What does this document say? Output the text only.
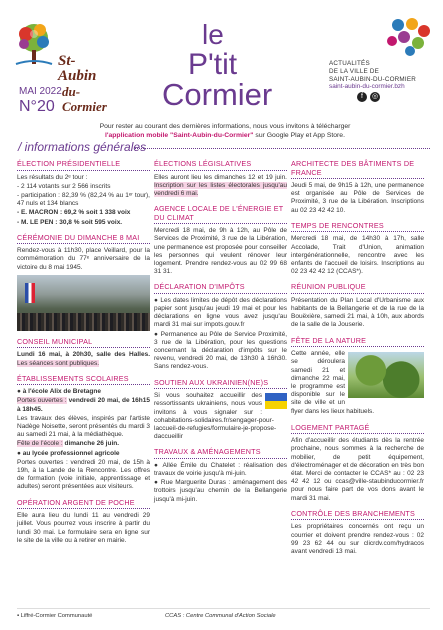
St-Aubin
du-Cormier
MAI 2022
N°20
le
P'tit
Cormier
ACTUALITÉS
DE LA VILLE DE
SAINT-AUBIN-DU-CORMIER
saint-aubin-du-cormier.bzh
f	◎
Pour rester au courant des dernières informations, nous vous invitons à télécharger
l'application mobile "Saint-Aubin-du-Cormier" sur Google Play et App Store.
/ informations générales
ÉLECTION PRÉSIDENTIELLE

Les résultats du 2ᵉ tour :

- 2 114 votants sur 2 566 inscrits

- participation : 82,39 % (82,24 % au 1ᵉʳ tour), 47 nuls et 134 blancs

- E. MACRON : 69,2 % soit 1 338 voix

- M. LE PEN : 30,8 % soit 595 voix.

CÉRÉMONIE DU DIMANCHE 8 MAI

Rendez-vous à 11h30, place Veillard, pour la commémoration du 77ᵉ anniversaire de la victoire du 8 mai 1945.

CONSEIL MUNICIPAL

Lundi 16 mai, à 20h30, salle des Halles. Les séances sont publiques.

ÉTABLISSEMENTS SCOLAIRES

● à l'école Alix de Bretagne

Portes ouvertes : vendredi 20 mai, de 16h15 à 18h45.

Les travaux des élèves, inspirés par l'artiste Nadège Noisette, seront présentés du mardi 3 au samedi 21 mai, à la médiathèque.

Fête de l'école : dimanche 26 juin.

● au lycée professionnel agricole

Portes ouvertes : vendredi 20 mai, de 15h à 19h, à la Lande de la Rencontre. Les offres de formation (voie initiale, apprentissage et adultes) seront présentées aux visiteurs.

OPÉRATION ARGENT DE POCHE

Elle aura lieu du lundi 11 au vendredi 29 juillet. Vous pourrez vous inscrire à partir du lundi 30 mai. Le formulaire sera en ligne sur le site de la ville ou à retirer en mairie.

ÉLECTIONS LÉGISLATIVES

Elles auront lieu les dimanches 12 et 19 juin. Inscription sur les listes électorales jusqu'au vendredi 6 mai.

AGENCE LOCALE DE L'ÉNERGIE ET DU CLIMAT

Mercredi 18 mai, de 9h à 12h, au Pôle de Services de Proximité, 3 rue de la Libération, une permanence est proposée pour conseiller les personnes qui veulent rénover leur logement. Prendre rendez-vous au 02 99 68 31 31.

DÉCLARATION D'IMPÔTS

● Les dates limites de dépôt des déclarations papier sont jusqu'au jeudi 19 mai et pour les déclarations en ligne vous avez jusqu'au mardi 31 mai sur impots.gouv.fr

● Permanence au Pôle de Service Proximité, 3 rue de la Libération, pour les questions concernant la déclaration d'impôts sur le revenu, vendredi 20 mai, de 13h30 à 16h30. Sans rendez-vous.

SOUTIEN AUX UKRAINIEN(NE)S

Si vous souhaitez accueillir des ressortissants ukrainiens, nous vous invitons à vous signaler sur : cohabitations-solidaires.fr/sengager-pour-laccueil-de-refugies/formulaire-je-propose-daccueillir

TRAVAUX & AMÉNAGEMENTS

● Allée Émile du Chatelet : réalisation des travaux de voirie jusqu'à mi-juin.

● Rue Marguerite Duras : aménagement des trottoirs jusqu'au chemin de la Bellangerie jusqu'à mi-juin.

ARCHITECTE DES BÂTIMENTS DE FRANCE

Jeudi 5 mai, de 9h15 à 12h, une permanence est organisée au Pôle de Services de Proximité, 3 rue de la Libération. Inscriptions au 02 23 42 42 10.

TEMPS DE RENCONTRES

Mercredi 18 mai, de 14h30 à 17h, salle Accolade, Trait d'Union, animation intergénérationnelle, rencontre avec les enfants de l'accueil de loisirs. Inscriptions au 02 23 42 42 12 (CCAS*).

RÉUNION PUBLIQUE

Présentation du Plan Local d'Urbanisme aux habitants de la Bellangerie et de la rue de la Bouëxière, samedi 21 mai, à 10h, aux abords de la salle de la Jouserie.

FÊTE DE LA NATURE

Cette année, elle se déroulera samedi 21 et dimanche 22 mai, le programme est disponible sur le site de ville et un flyer dans les lieux habituels.

LOGEMENT PARTAGÉ

Afin d'accueillir des étudiants dès la rentrée prochaine, nous sommes à la recherche de mobilier, de petit équipement, d'électroménager et de décoration en très bon état. Merci de contacter le CCAS* au : 02 23 42 42 12 ou ccas@ville-staubinducormier.fr pour nous faire part de vos dons avant le mardi 31 mai.

CONTRÔLE DES BRANCHEMENTS

Les propriétaires concernés ont reçu un courrier et doivent prendre rendez-vous : 02 99 23 62 44 ou sur clicrdv.com/hydracos avant vendredi 13 mai.

▪ Liffré-Cormier Communauté	CCAS : Centre Communal d'Action Sociale
